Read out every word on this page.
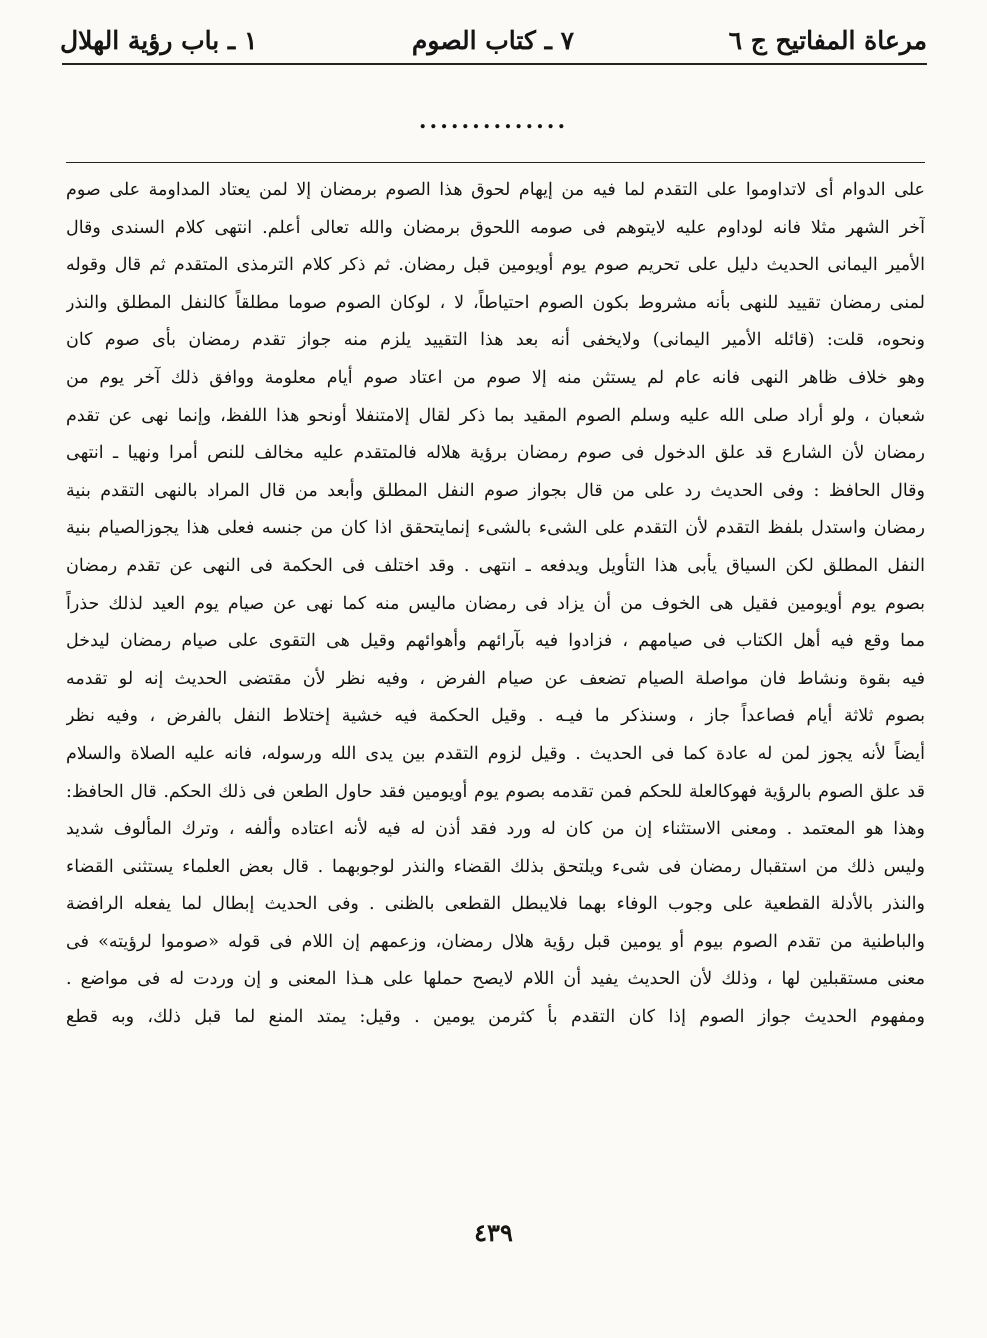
مرعاة المفاتيح ج ٦
٧ ـ كتاب الصوم
١ ـ باب رؤية الهلال
..............
على الدوام أى لاتداوموا على التقدم لما فيه من إيهام لحوق هذا الصوم برمضان إلا لمن يعتاد المداومة على صوم
آخر الشهر مثلا فانه لوداوم عليه لايتوهم فى صومه اللحوق برمضان والله تعالى أعلم. انتهى كلام السندى وقال
الأمير اليمانى الحديث دليل على تحريم صوم يوم أويومين قبل رمضان. ثم ذكر كلام الترمذى المتقدم ثم قال وقوله
لمنى رمضان تقييد للنهى بأنه مشروط بكون الصوم احتياطاً، لا ، لوكان الصوم صوما مطلقاً كالنفل المطلق والنذر
ونحوه، قلت: (قائله الأمير اليمانى) ولايخفى أنه بعد هذا التقييد يلزم منه جواز تقدم رمضان بأى صوم كان
وهو خلاف ظاهر النهى فانه عام لم يستثن منه إلا صوم من اعتاد صوم أيام معلومة ووافق ذلك آخر يوم من
شعبان ، ولو أراد صلى الله عليه وسلم الصوم المقيد بما ذكر لقال إلامتنفلا أونحو هذا اللفظ، وإنما نهى عن تقدم
رمضان لأن الشارع قد علق الدخول فى صوم رمضان برؤية هلاله فالمتقدم عليه مخالف للنص أمرا ونهيا ـ انتهى
وقال الحافظ : وفى الحديث رد على من قال بجواز صوم النفل المطلق وأبعد من قال المراد بالنهى التقدم بنية
رمضان واستدل بلفظ التقدم لأن التقدم على الشىء بالشىء إنمايتحقق اذا كان من جنسه فعلى هذا يجوزالصيام بنية
النفل المطلق لكن السياق يأبى هذا التأويل ويدفعه ـ انتهى . وقد اختلف فى الحكمة فى النهى عن تقدم رمضان
بصوم يوم أويومين فقيل هى الخوف من أن يزاد فى رمضان ماليس منه كما نهى عن صيام يوم العيد لذلك حذراً
مما وقع فيه أهل الكتاب فى صيامهم ، فزادوا فيه بآرائهم وأهوائهم وقيل هى التقوى على صيام رمضان ليدخل
فيه بقوة ونشاط فان مواصلة الصيام تضعف عن صيام الفرض ، وفيه نظر لأن مقتضى الحديث إنه لو تقدمه
بصوم ثلاثة أيام فصاعداً جاز ، وسنذكر ما فيـه . وقيل الحكمة فيه خشية إختلاط النفل بالفرض ، وفيه نظر
أيضاً لأنه يجوز لمن له عادة كما فى الحديث . وقيل لزوم التقدم بين يدى الله ورسوله، فانه عليه الصلاة والسلام
قد علق الصوم بالرؤية فهوكالعلة للحكم فمن تقدمه بصوم يوم أويومين فقد حاول الطعن فى ذلك الحكم. قال الحافظ:
وهذا هو المعتمد . ومعنى الاستثناء إن من كان له ورد فقد أذن له فيه لأنه اعتاده وألفه ، وترك المألوف شديد
وليس ذلك من استقبال رمضان فى شىء ويلتحق بذلك القضاء والنذر لوجوبهما . قال بعض العلماء يستثنى القضاء
والنذر بالأدلة القطعية على وجوب الوفاء بهما فلايبطل القطعى بالظنى . وفى الحديث إبطال لما يفعله الرافضة
والباطنية من تقدم الصوم بيوم أو يومين قبل رؤية هلال رمضان، وزعمهم إن اللام فى قوله «صوموا لرؤيته» فى
معنى مستقبلين لها ، وذلك لأن الحديث يفيد أن اللام لايصح حملها على هـذا المعنى و إن وردت له فى مواضع .
ومفهوم الحديث جواز الصوم إذا كان التقدم بأ كثرمن يومين . وقيل: يمتد المنع لما قبل ذلك، وبه قطع
٤٣٩
